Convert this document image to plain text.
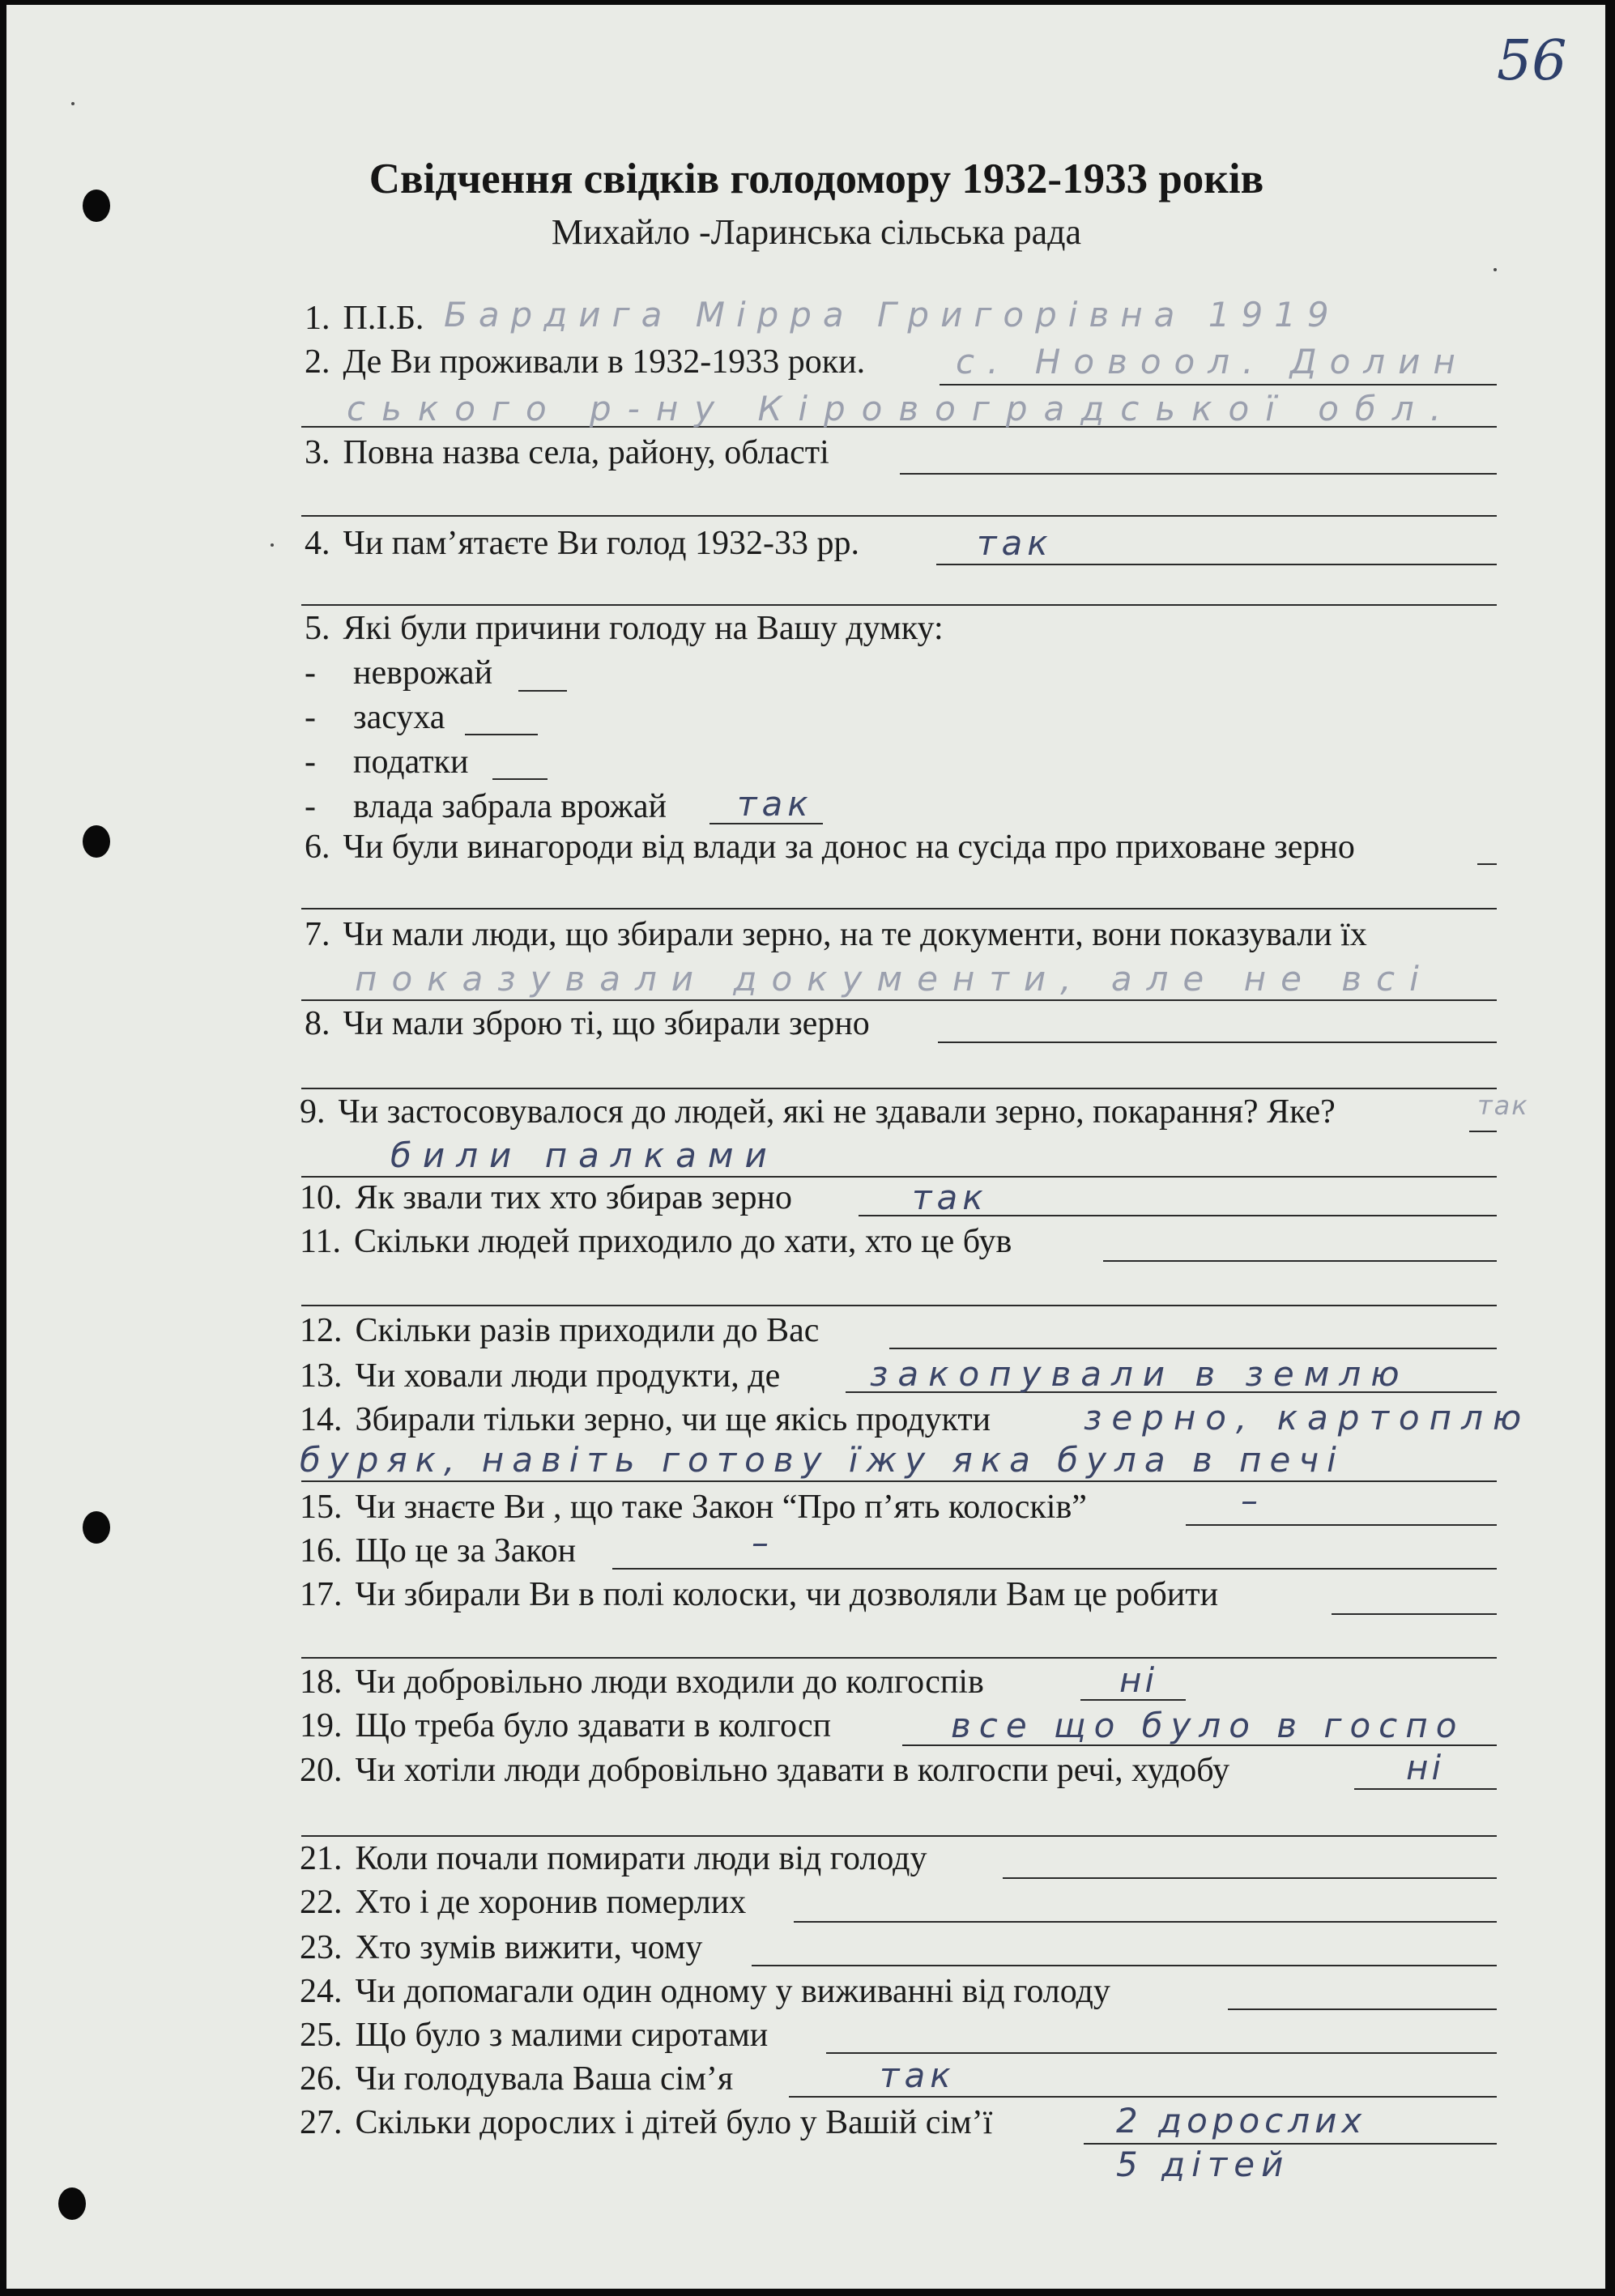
56
Свідчення свідків голодомору 1932-1933 років
Михайло -Ларинська сільська рада
1. П.І.Б. Бардига Мірра Григорівна 1919
2. Де Ви проживали в 1932-1933 роки.	с. Новоол. Долин
ського р-ну Кіровоградської обл.
3. Повна назва села, району, області
4. Чи пам’ятаєте Ви голод 1932-33 рр.	так
5. Які були причини голоду на Вашу думку:
- неврожай
- засуха
- податки
- влада забрала врожай так
6. Чи були винагороди від влади за донос на сусіда про приховане зерно
7. Чи мали люди, що збирали зерно, на те документи, вони показували їх
показували документи, але не всі
8. Чи мали зброю ті, що збирали зерно
9. Чи застосовувалося до людей, які не здавали зерно, покарання? Яке?	так
били палками
10. Як звали тих хто збирав зерно	так
11. Скільки людей приходило до хати, хто це був
12. Скільки разів приходили до Вас
13. Чи ховали люди продукти, де	закопували в землю
14. Збирали тільки зерно, чи ще якісь продукти	зерно, картоплю
буряк, навіть готову їжу яка була в печі
15. Чи знаєте Ви , що таке Закон “Про п’ять колосків”	–
16. Що це за Закон	–
17. Чи збирали Ви в полі колоски, чи дозволяли Вам це робити
18. Чи добровільно люди входили до колгоспів	ні
19. Що треба було здавати в колгосп	все що було в госпо
20. Чи хотіли люди добровільно здавати в колгоспи речі, худобу	ні
21. Коли почали помирати люди від голоду
22. Хто і де хоронив померлих
23. Хто зумів вижити, чому
24. Чи допомагали один одному у виживанні від голоду
25. Що було з малими сиротами
26. Чи голодувала Ваша сім’я	так
27. Скільки дорослих і дітей було у Вашій сім’ї	2 дорослих
5 дітей
